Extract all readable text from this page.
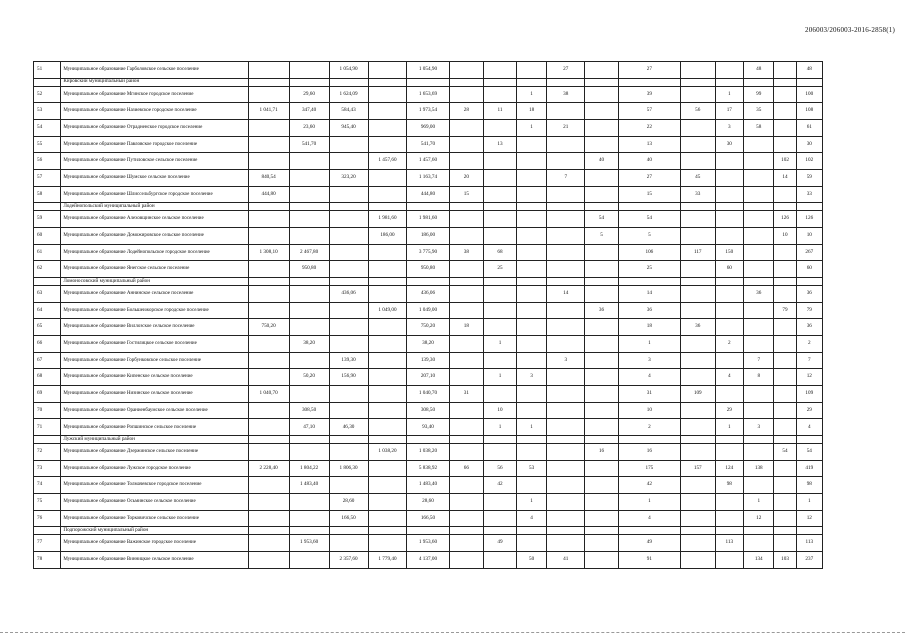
206003/206003-2016-2858(1)
51	Муниципальное образование Гарболовское сельское поселение			1 054,90		1 054,90				27		27			48		48
	Кировский муниципальный район																
52	Муниципальное образование Мгинское городское поселение		29,60	1 624,09		1 653,69			1	38		39		1	99		100
53	Муниципальное образование Назиевское городское поселение	1 041,71	347,40	584,43		1 973,54	28	11	18			57	56	17	35		108
54	Муниципальное образование Отрадненское городское поселение		23,60	945,40		969,00			1	21		22		3	58		61
55	Муниципальное образование Павловское городское поселение		541,70			541,70		13				13		30			30
56	Муниципальное образование Путиловское сельское поселение				1 457,60	1 457,60					40	40				102	102
57	Муниципальное образование Шумское сельское поселение	840,54		323,20		1 163,74	20			7		27	45			14	59
58	Муниципальное образование Шлиссельбургское городское поселение	444,80				444,80	15					15	33				33
	Лодейнопольский муниципальный район																
59	Муниципальное образование Алеховщинское сельское поселение				1 981,60	1 981,60					54	54				126	126
60	Муниципальное образование Доможировское сельское поселение				186,00	186,00					5	5				10	10
61	Муниципальное образование Лодейнопольское городское поселение	1 308,10	2 467,80			3 775,90	38	68				106	117	150			267
62	Муниципальное образование Янегское сельское поселение		950,80			950,80		25				25		60			60
	Ломоносовский муниципальный район																
63	Муниципальное образование Аннинское сельское поселение			436,06		436,06				14		14			36		36
64	Муниципальное образование Большеижорское городское поселение				1 049,00	1 049,00					36	36				79	79
65	Муниципальное образование Виллозское сельское поселение	750,20				750,20	18					18	36				36
66	Муниципальное образование Гостилицкое сельское поселение		38,20			38,20		1				1		2			2
67	Муниципальное образование Горбунковское сельское поселение			139,30		139,30				3		3			7		7
68	Муниципальное образование Кипенское сельское поселение		50,20	156,90		207,10		1	3			4		4	8		12
69	Муниципальное образование Низинское сельское поселение	1 040,70				1 040,70	31					31	109				109
70	Муниципальное образование Ораниенбаумское сельское поселение		308,50			308,50		10				10		29			29
71	Муниципальное образование Ропшинское сельское поселение		47,10	46,30		93,40		1	1			2		1	3		4
	Лужский муниципальный район																
72	Муниципальное образование Дзержинское сельское поселение				1 038,20	1 038,20					16	16				54	54
73	Муниципальное образование Лужское городское поселение	2 228,40	1 804,22	1 806,30		5 838,92	66	56	53			175	157	124	138		419
74	Муниципальное образование Толмачевское городское поселение		1 483,40			1 483,40		42				42		98			98
75	Муниципальное образование Осьминское сельское поселение			28,60		28,60			1			1			1		1
76	Муниципальное образование Торковичское сельское поселение			166,50		166,50			4			4			12		12
	Подпорожский муниципальный район																
77	Муниципальное образование Важинское городское поселение		1 953,60			1 953,60		49				49		113			113
78	Муниципальное образование Винницкое сельское поселение			2 357,60	1 779,40	4 137,00			50	41		91			134	103	237
